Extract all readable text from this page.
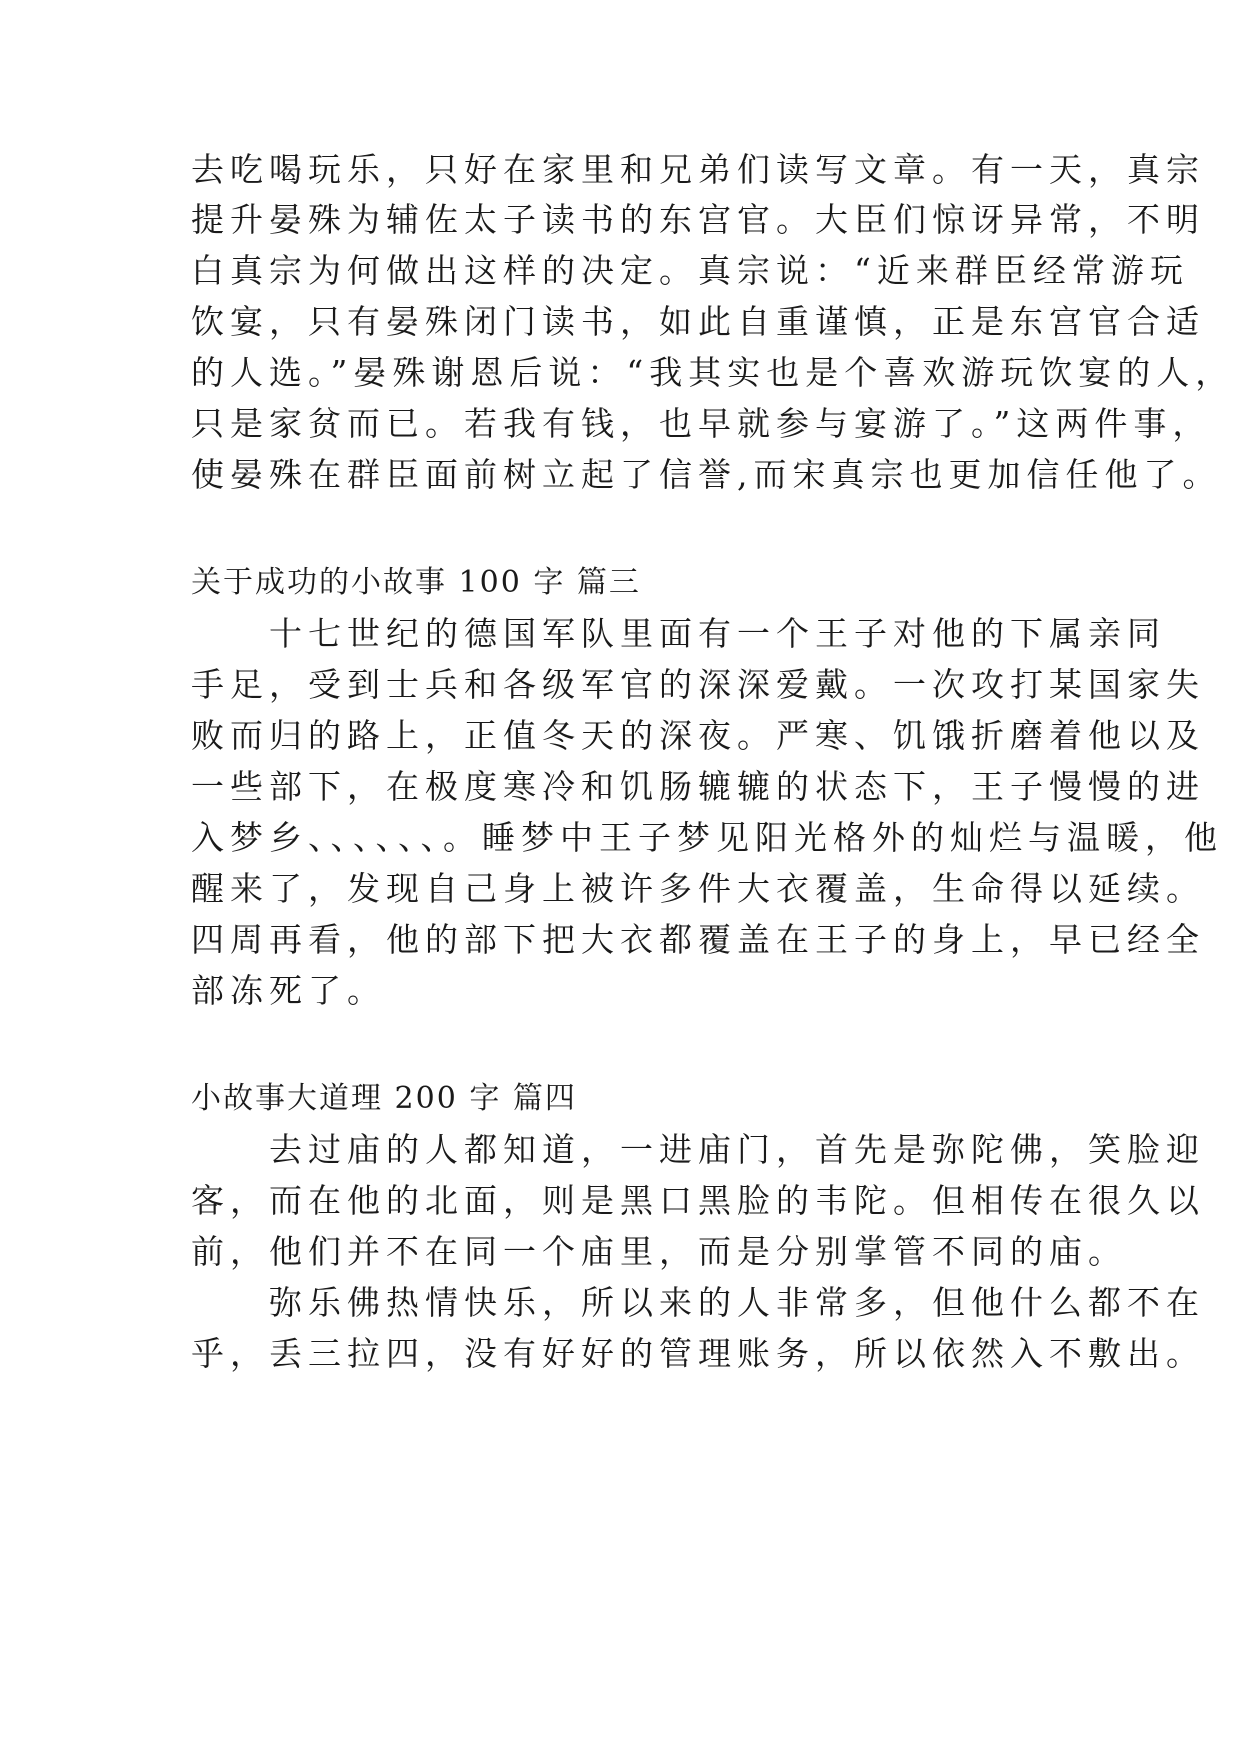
去吃喝玩乐，只好在家里和兄弟们读写文章。有一天，真宗
提升晏殊为辅佐太子读书的东宫官。大臣们惊讶异常，不明
白真宗为何做出这样的决定。真宗说：“近来群臣经常游玩
饮宴，只有晏殊闭门读书，如此自重谨慎，正是东宫官合适
的人选。”晏殊谢恩后说：“我其实也是个喜欢游玩饮宴的人，
只是家贫而已。若我有钱，也早就参与宴游了。”这两件事，
使晏殊在群臣面前树立起了信誉,而宋真宗也更加信任他了。
关于成功的小故事 100 字 篇三
　　十七世纪的德国军队里面有一个王子对他的下属亲同
手足，受到士兵和各级军官的深深爱戴。一次攻打某国家失
败而归的路上，正值冬天的深夜。严寒、饥饿折磨着他以及
一些部下，在极度寒冷和饥肠辘辘的状态下，王子慢慢的进
入梦乡、、、、、、。睡梦中王子梦见阳光格外的灿烂与温暖，他
醒来了，发现自己身上被许多件大衣覆盖，生命得以延续。
四周再看，他的部下把大衣都覆盖在王子的身上，早已经全
部冻死了。
小故事大道理 200 字 篇四
　　去过庙的人都知道，一进庙门，首先是弥陀佛，笑脸迎
客，而在他的北面，则是黑口黑脸的韦陀。但相传在很久以
前，他们并不在同一个庙里，而是分别掌管不同的庙。
　　弥乐佛热情快乐，所以来的人非常多，但他什么都不在
乎，丢三拉四，没有好好的管理账务，所以依然入不敷出。
